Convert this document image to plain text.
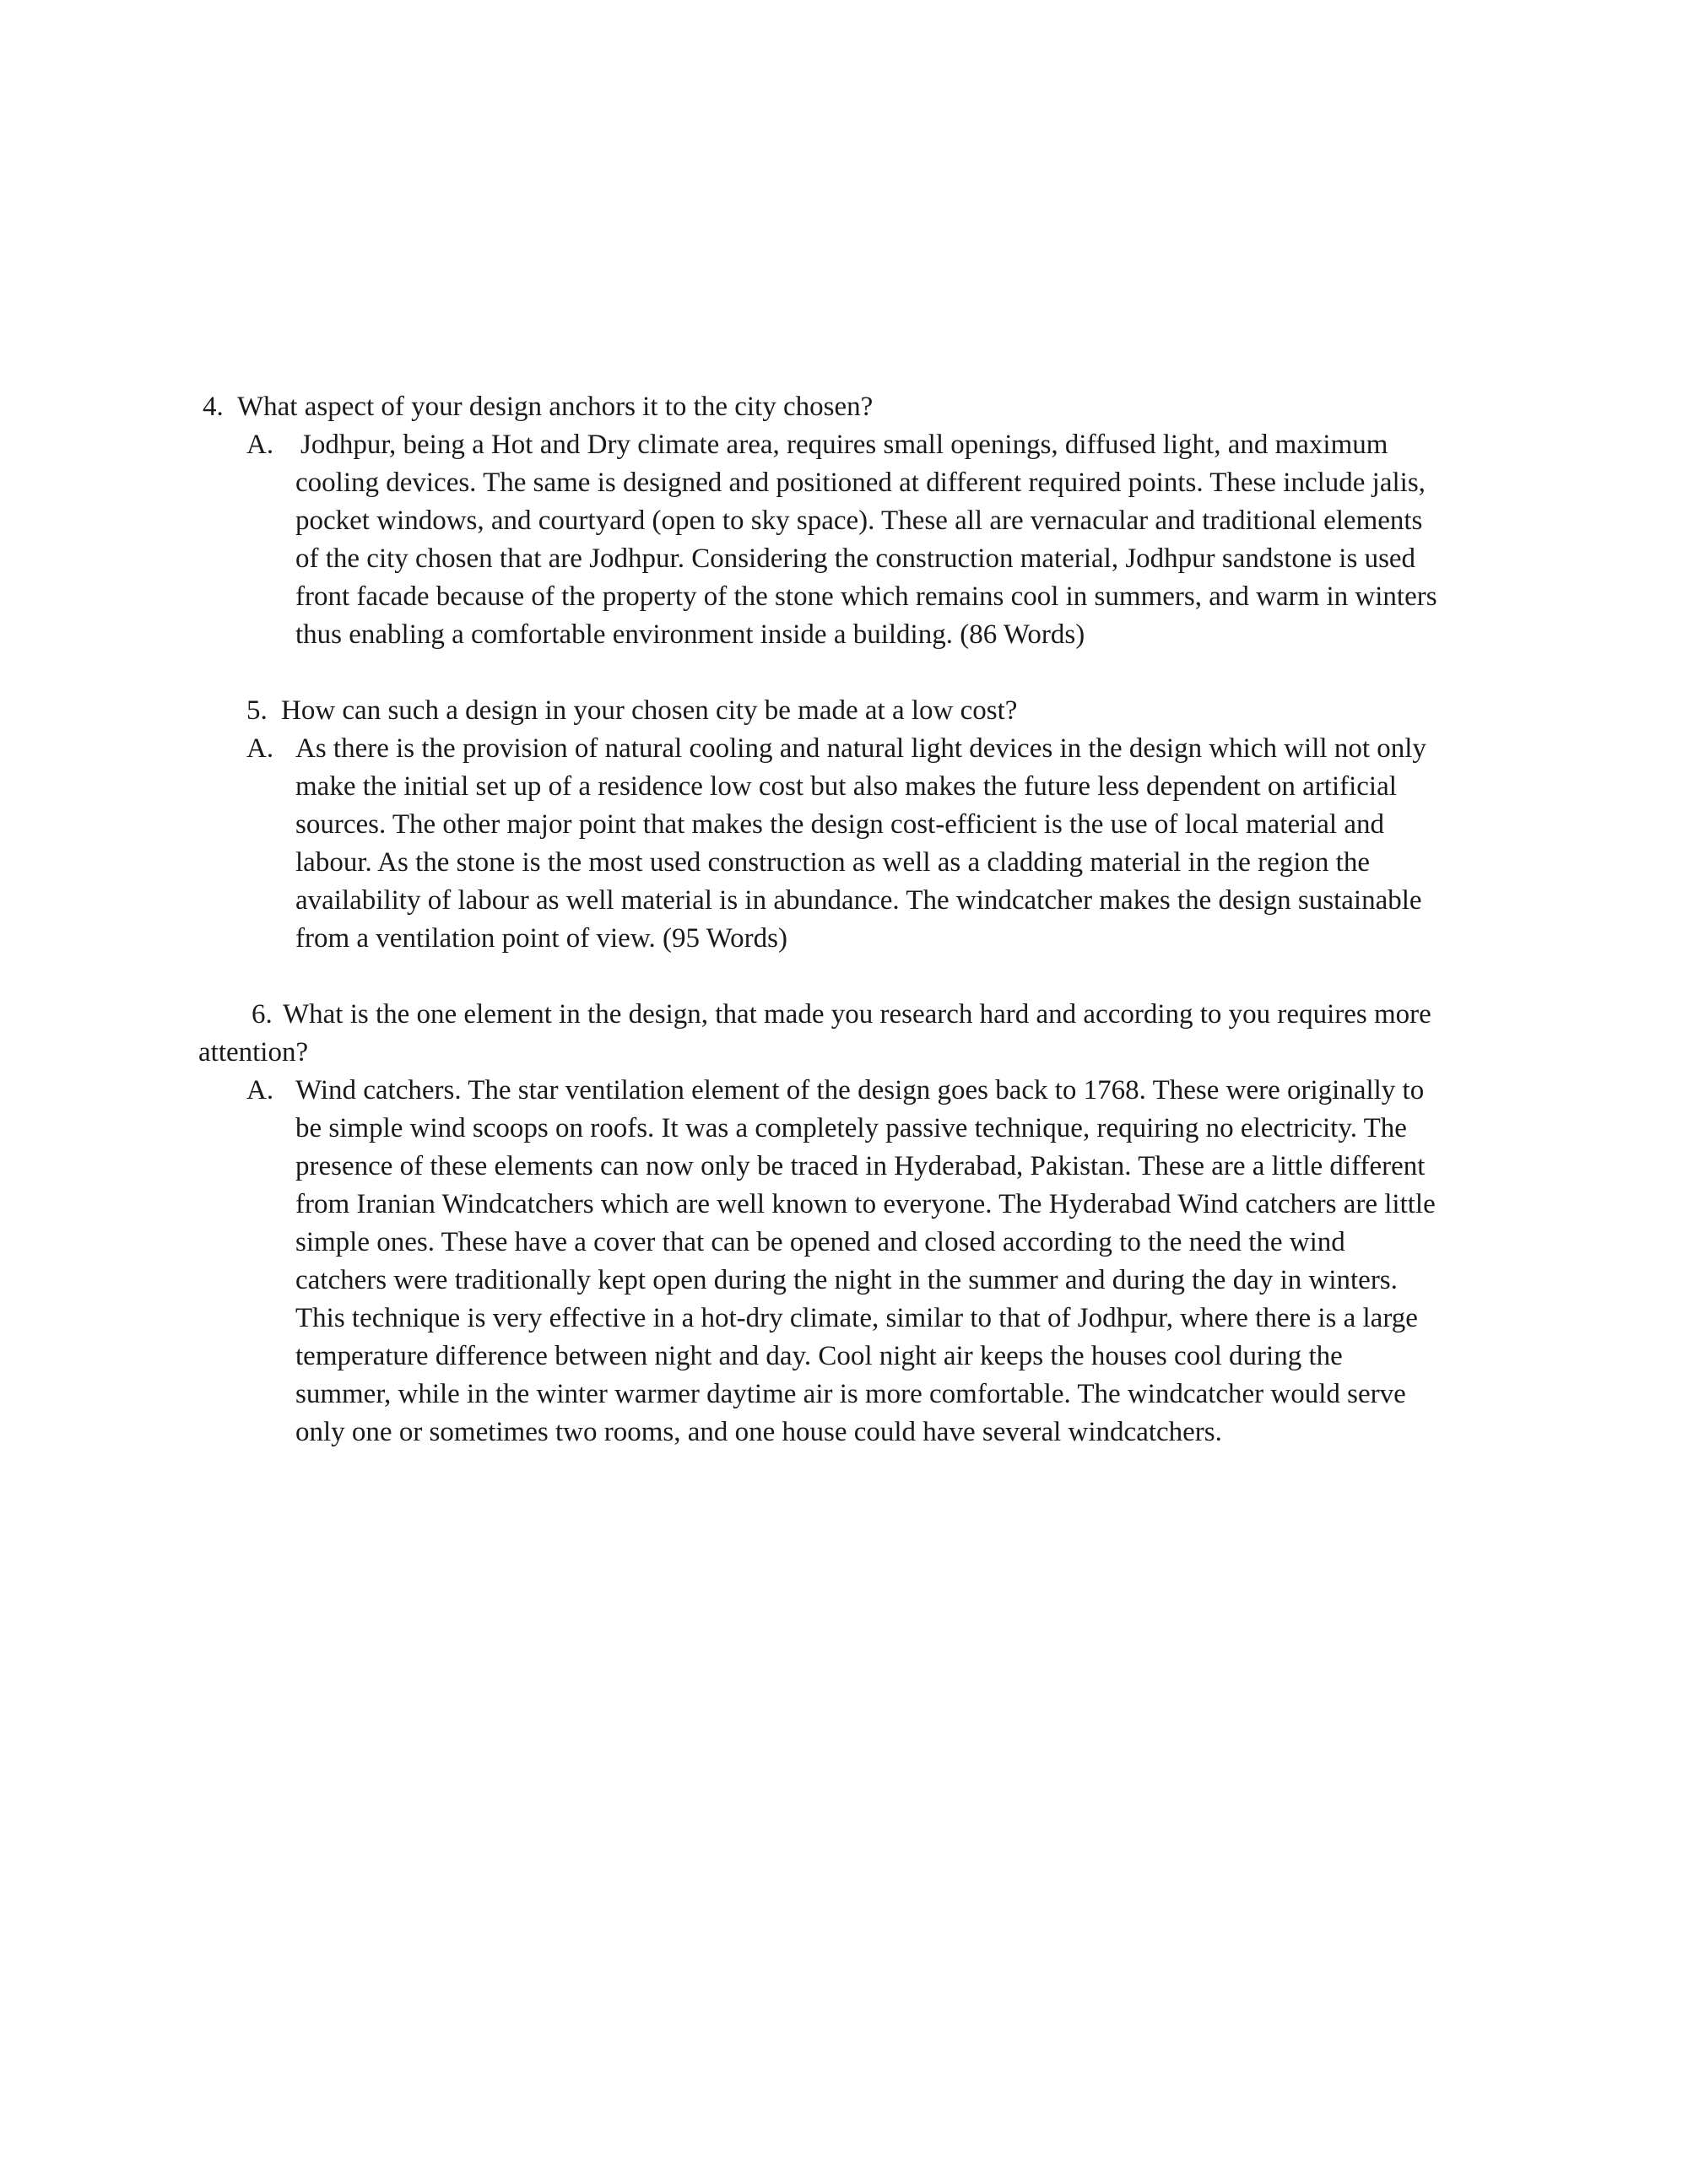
4. What aspect of your design anchors it to the city chosen?
A. Jodhpur, being a Hot and Dry climate area, requires small openings, diffused light, and maximum
cooling devices. The same is designed and positioned at different required points. These include jalis,
pocket windows, and courtyard (open to sky space). These all are vernacular and traditional elements
of the city chosen that are Jodhpur. Considering the construction material, Jodhpur sandstone is used
front facade because of the property of the stone which remains cool in summers, and warm in winters
thus enabling a comfortable environment inside a building. (86 Words)
5. How can such a design in your chosen city be made at a low cost?
A. As there is the provision of natural cooling and natural light devices in the design which will not only
make the initial set up of a residence low cost but also makes the future less dependent on artificial
sources. The other major point that makes the design cost-efficient is the use of local material and
labour. As the stone is the most used construction as well as a cladding material in the region the
availability of labour as well material is in abundance. The windcatcher makes the design sustainable
from a ventilation point of view. (95 Words)
6. What is the one element in the design, that made you research hard and according to you requires more
attention?
A. Wind catchers. The star ventilation element of the design goes back to 1768. These were originally to
be simple wind scoops on roofs. It was a completely passive technique, requiring no electricity. The
presence of these elements can now only be traced in Hyderabad, Pakistan. These are a little different
from Iranian Windcatchers which are well known to everyone. The Hyderabad Wind catchers are little
simple ones. These have a cover that can be opened and closed according to the need the wind
catchers were traditionally kept open during the night in the summer and during the day in winters.
This technique is very effective in a hot-dry climate, similar to that of Jodhpur, where there is a large
temperature difference between night and day. Cool night air keeps the houses cool during the
summer, while in the winter warmer daytime air is more comfortable. The windcatcher would serve
only one or sometimes two rooms, and one house could have several windcatchers.
